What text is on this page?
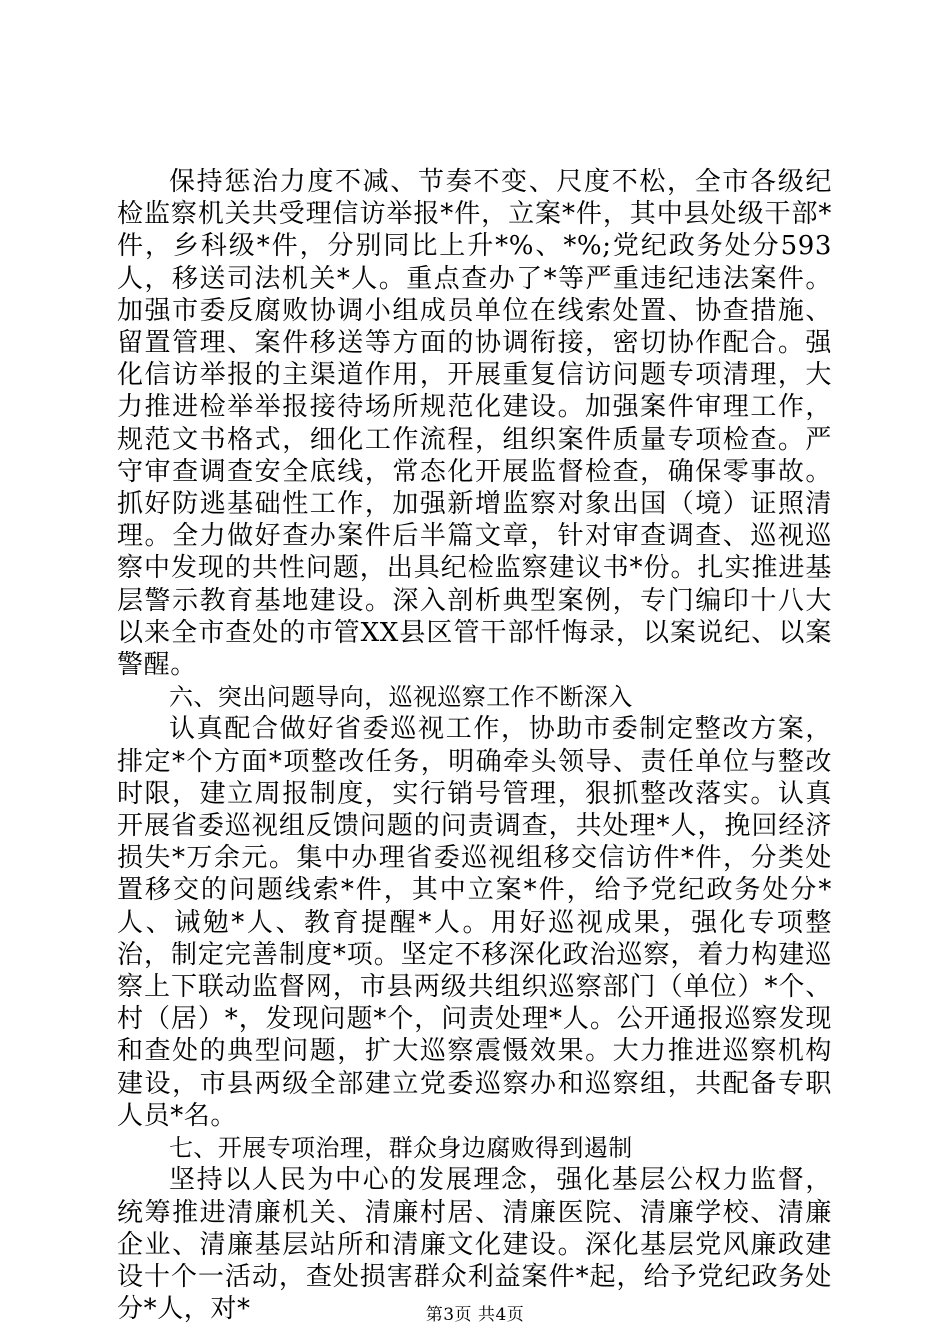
保持惩治力度不减、节奏不变、尺度不松，全市各级纪检监察机关共受理信访举报*件，立案*件，其中县处级干部*件，乡科级*件，分别同比上升*%、*%;党纪政务处分593人，移送司法机关*人。重点查办了*等严重违纪违法案件。加强市委反腐败协调小组成员单位在线索处置、协查措施、留置管理、案件移送等方面的协调衔接，密切协作配合。强化信访举报的主渠道作用，开展重复信访问题专项清理，大力推进检举举报接待场所规范化建设。加强案件审理工作，规范文书格式，细化工作流程，组织案件质量专项检查。严守审查调查安全底线，常态化开展监督检查，确保零事故。抓好防逃基础性工作，加强新增监察对象出国（境）证照清理。全力做好查办案件后半篇文章，针对审查调查、巡视巡察中发现的共性问题，出具纪检监察建议书*份。扎实推进基层警示教育基地建设。深入剖析典型案例，专门编印十八大以来全市查处的市管XX县区管干部忏悔录，以案说纪、以案警醒。

六、突出问题导向，巡视巡察工作不断深入

认真配合做好省委巡视工作，协助市委制定整改方案，排定*个方面*项整改任务，明确牵头领导、责任单位与整改时限，建立周报制度，实行销号管理，狠抓整改落实。认真开展省委巡视组反馈问题的问责调查，共处理*人，挽回经济损失*万余元。集中办理省委巡视组移交信访件*件，分类处置移交的问题线索*件，其中立案*件，给予党纪政务处分*人、诫勉*人、教育提醒*人。用好巡视成果，强化专项整治，制定完善制度*项。坚定不移深化政治巡察，着力构建巡察上下联动监督网，市县两级共组织巡察部门（单位）*个、村（居）*，发现问题*个，问责处理*人。公开通报巡察发现和查处的典型问题，扩大巡察震慑效果。大力推进巡察机构建设，市县两级全部建立党委巡察办和巡察组，共配备专职人员*名。

七、开展专项治理，群众身边腐败得到遏制

坚持以人民为中心的发展理念，强化基层公权力监督，统筹推进清廉机关、清廉村居、清廉医院、清廉学校、清廉企业、清廉基层站所和清廉文化建设。深化基层党风廉政建设十个一活动，查处损害群众利益案件*起，给予党纪政务处分*人，对*	第3页 共4页
